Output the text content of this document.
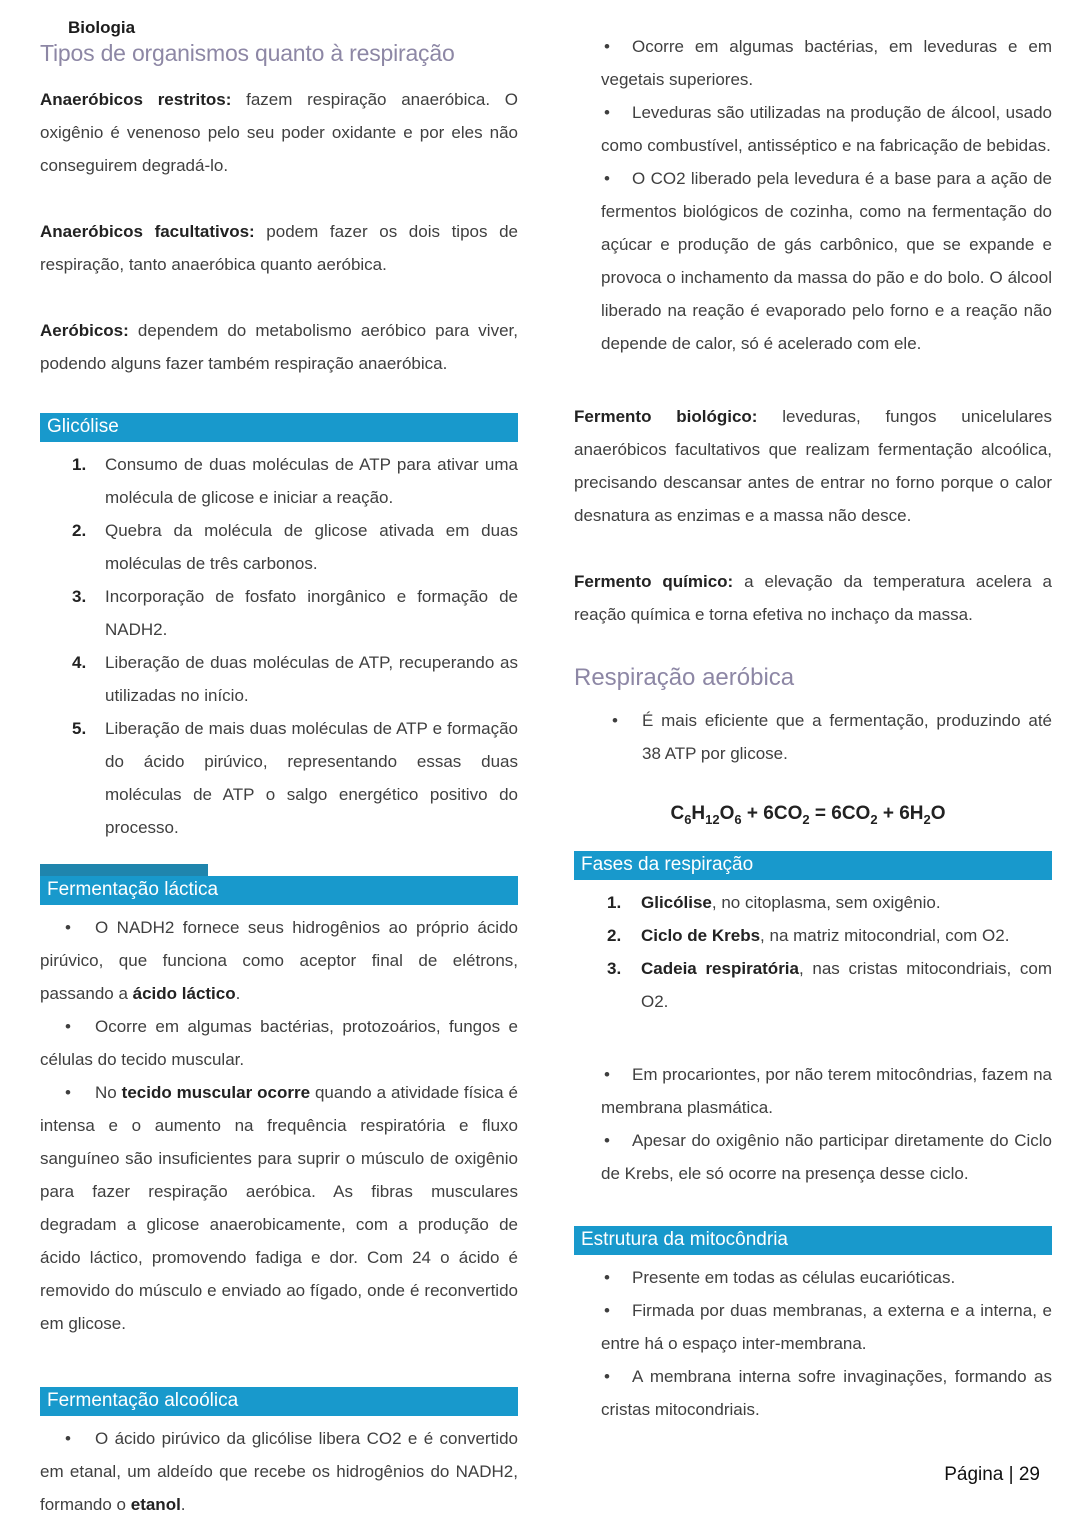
Biologia
Tipos de organismos quanto à respiração

Anaeróbicos restritos: fazem respiração anaeróbica. O oxigênio é venenoso pelo seu poder oxidante e por eles não conseguirem degradá-lo.

Anaeróbicos facultativos: podem fazer os dois tipos de respiração, tanto anaeróbica quanto aeróbica.

Aeróbicos: dependem do metabolismo aeróbico para viver, podendo alguns fazer também respiração anaeróbica.

Glicólise

1. Consumo de duas moléculas de ATP para ativar uma molécula de glicose e iniciar a reação.

2. Quebra da molécula de glicose ativada em duas moléculas de três carbonos.

3. Incorporação de fosfato inorgânico e formação de NADH2.

4. Liberação de duas moléculas de ATP, recuperando as utilizadas no início.

5. Liberação de mais duas moléculas de ATP e formação do ácido pirúvico, representando essas duas moléculas de ATP o salgo energético positivo do processo.

Fermentação láctica

• O NADH2 fornece seus hidrogênios ao próprio ácido pirúvico, que funciona como aceptor final de elétrons, passando a ácido láctico.

• Ocorre em algumas bactérias, protozoários, fungos e células do tecido muscular.

• No tecido muscular ocorre quando a atividade física é intensa e o aumento na frequência respiratória e fluxo sanguíneo são insuficientes para suprir o músculo de oxigênio para fazer respiração aeróbica. As fibras musculares degradam a glicose anaerobicamente, com a produção de ácido láctico, promovendo fadiga e dor. Com 24 o ácido é removido do músculo e enviado ao fígado, onde é reconvertido em glicose.

Fermentação alcoólica

• O ácido pirúvico da glicólise libera CO2 e é convertido em etanal, um aldeído que recebe os hidrogênios do NADH2, formando o etanol.

• Ocorre em algumas bactérias, em leveduras e em vegetais superiores.

• Leveduras são utilizadas na produção de álcool, usado como combustível, antisséptico e na fabricação de bebidas.

• O CO2 liberado pela levedura é a base para a ação de fermentos biológicos de cozinha, como na fermentação do açúcar e produção de gás carbônico, que se expande e provoca o inchamento da massa do pão e do bolo. O álcool liberado na reação é evaporado pelo forno e a reação não depende de calor, só é acelerado com ele.

Fermento biológico: leveduras, fungos unicelulares anaeróbicos facultativos que realizam fermentação alcoólica, precisando descansar antes de entrar no forno porque o calor desnatura as enzimas e a massa não desce.

Fermento químico: a elevação da temperatura acelera a reação química e torna efetiva no inchaço da massa.

Respiração aeróbica

• É mais eficiente que a fermentação, produzindo até 38 ATP por glicose.

$C_6H_{12}O_6 + 6CO_2 = 6CO_2 + 6H_2O$

Fases da respiração

1. Glicólise, no citoplasma, sem oxigênio.

2. Ciclo de Krebs, na matriz mitocondrial, com O2.

3. Cadeia respiratória, nas cristas mitocondriais, com O2.

• Em procariontes, por não terem mitocôndrias, fazem na membrana plasmática.

• Apesar do oxigênio não participar diretamente do Ciclo de Krebs, ele só ocorre na presença desse ciclo.

Estrutura da mitocôndria

• Presente em todas as células eucarióticas.

• Firmada por duas membranas, a externa e a interna, e entre há o espaço inter-membrana.

• A membrana interna sofre invaginações, formando as cristas mitocondriais.

Página | 29
